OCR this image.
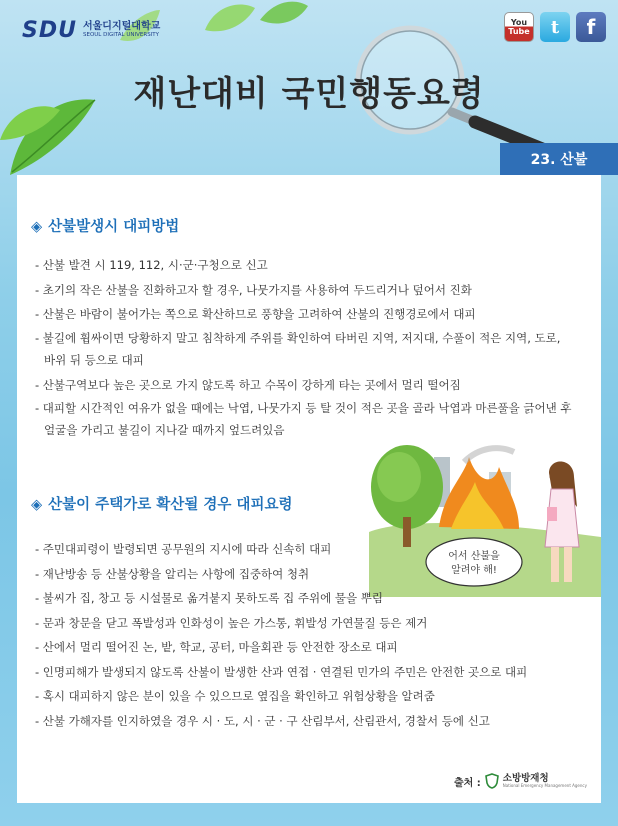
SDU 서울디지털대학교
SEOUL DIGITAL UNIVERSITY
You
Tube	t	f
재난대비 국민행동요령
23. 산불
◈ 산불발생시 대피방법
- 산불 발견 시 119, 112, 시·군·구청으로 신고
- 초기의 작은 산불을 진화하고자 할 경우, 나뭇가지를 사용하여 두드리거나 덮어서 진화
- 산불은 바람이 불어가는 쪽으로 확산하므로 풍향을 고려하여 산불의 진행경로에서 대피
- 불길에 휩싸이면 당황하지 말고 침착하게 주위를 확인하여 타버린 지역, 저지대, 수풀이 적은 지역, 도로, 바위 뒤 등으로 대피
- 산불구역보다 높은 곳으로 가지 않도록 하고 수목이 강하게 타는 곳에서 멀리 떨어짐
- 대피할 시간적인 여유가 없을 때에는 낙엽, 나뭇가지 등 탈 것이 적은 곳을 골라 낙엽과 마른풀을 긁어낸 후 얼굴을 가리고 불길이 지나갈 때까지 엎드려있음
어서 산불을
알려야 해!
◈ 산불이 주택가로 확산될 경우 대피요령
- 주민대피령이 발령되면 공무원의 지시에 따라 신속히 대피
- 재난방송 등 산불상황을 알리는 사항에 집중하여 청취
- 불씨가 집, 창고 등 시설물로 옮겨붙지 못하도록 집 주위에 물을 뿌림
- 문과 창문을 닫고 폭발성과 인화성이 높은 가스통, 휘발성 가연물질 등은 제거
- 산에서 멀리 떨어진 논, 밭, 학교, 공터, 마을회관 등 안전한 장소로 대피
- 인명피해가 발생되지 않도록 산불이 발생한 산과 연접 · 연결된 민가의 주민은 안전한 곳으로 대피
- 혹시 대피하지 않은 분이 있을 수 있으므로 옆집을 확인하고 위험상황을 알려줌
- 산불 가해자를 인지하였을 경우 시 · 도, 시 · 군 · 구 산림부서, 산림관서, 경찰서 등에 신고
출처 : 소방방재청
National Emergency Management Agency
